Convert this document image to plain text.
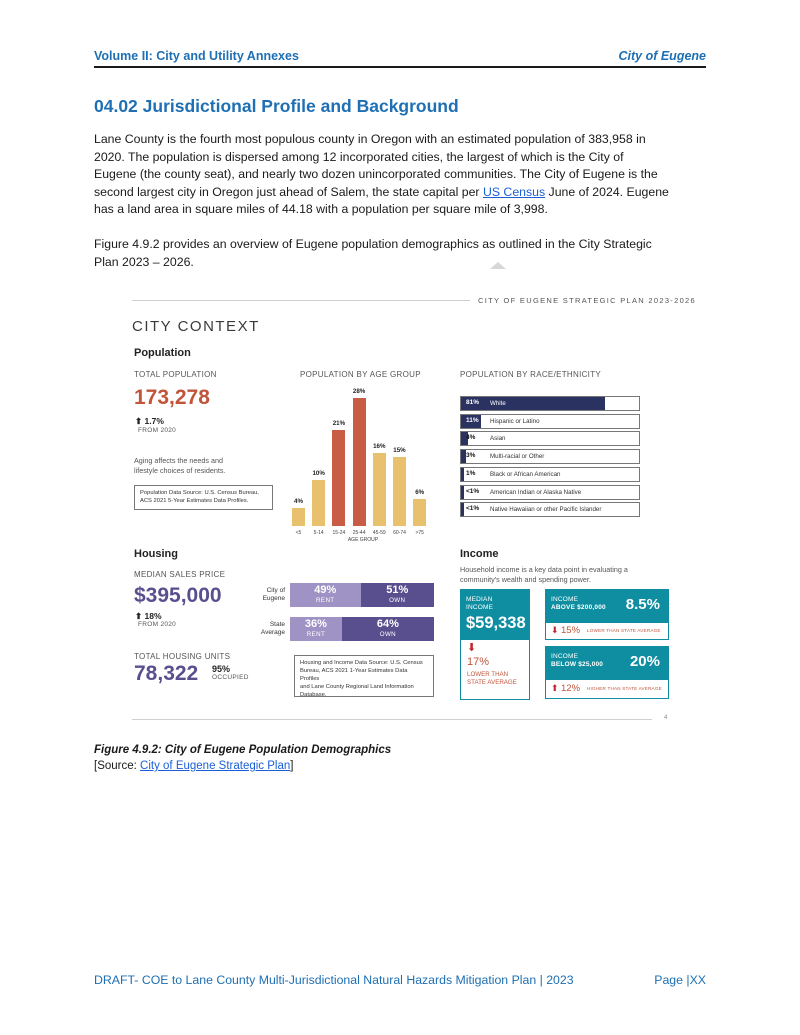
Volume II: City and Utility Annexes	City of Eugene
04.02 Jurisdictional Profile and Background
Lane County is the fourth most populous county in Oregon with an estimated population of 383,958 in
2020. The population is dispersed among 12 incorporated cities, the largest of which is the City of
Eugene (the county seat), and nearly two dozen unincorporated communities. The City of Eugene is the
second largest city in Oregon just ahead of Salem, the state capital per US Census June of 2024. Eugene
has a land area in square miles of 44.18 with a population per square mile of 3,998.
Figure 4.9.2 provides an overview of Eugene population demographics as outlined in the City Strategic
Plan 2023 – 2026.
CITY OF EUGENE STRATEGIC PLAN 2023-2026
CITY CONTEXT
Population
TOTAL POPULATION
173,278
⬆ 1.7%
FROM 2020
Aging affects the needs and
lifestyle choices of residents.
Population Data Source: U.S. Census Bureau,
ACS 2021 5-Year Estimates Data Profiles.
POPULATION BY AGE GROUP
4%
<5
10%
5-14
21%
15-24
28%
25-44
16%
45-59
15%
60-74
6%
>75
AGE GROUP
POPULATION BY RACE/ETHNICITY
81% White
11% Hispanic or Latino
4% Asian
3% Multi-racial or Other
1% Black or African American
<1% American Indian or Alaska Native
<1% Native Hawaiian or other Pacific Islander
Housing
MEDIAN SALES PRICE
$395,000
⬆ 18%
FROM 2020
TOTAL HOUSING UNITS
78,322 95%
OCCUPIED
City of
Eugene
49%
RENT
51%
OWN
State
Average
36%
RENT
64%
OWN
Housing and Income Data Source: U.S. Census
Bureau, ACS 2021 1-Year Estimates Data Profiles
and Lane County Regional Land Information
Database.
Income
Household income is a key data point in evaluating a
community's wealth and spending power.
MEDIAN
INCOME
$59,338
⬇
17%
LOWER THAN
STATE AVERAGE
INCOME
ABOVE $200,000 8.5%
⬇ 15% LOWER THAN STATE AVERAGE
INCOME
BELOW $25,000 20%
⬆ 12% HIGHER THAN STATE AVERAGE
4
Figure 4.9.2: City of Eugene Population Demographics
[Source: City of Eugene Strategic Plan]
DRAFT- COE to Lane County Multi-Jurisdictional Natural Hazards Mitigation Plan | 2023	Page |XX
